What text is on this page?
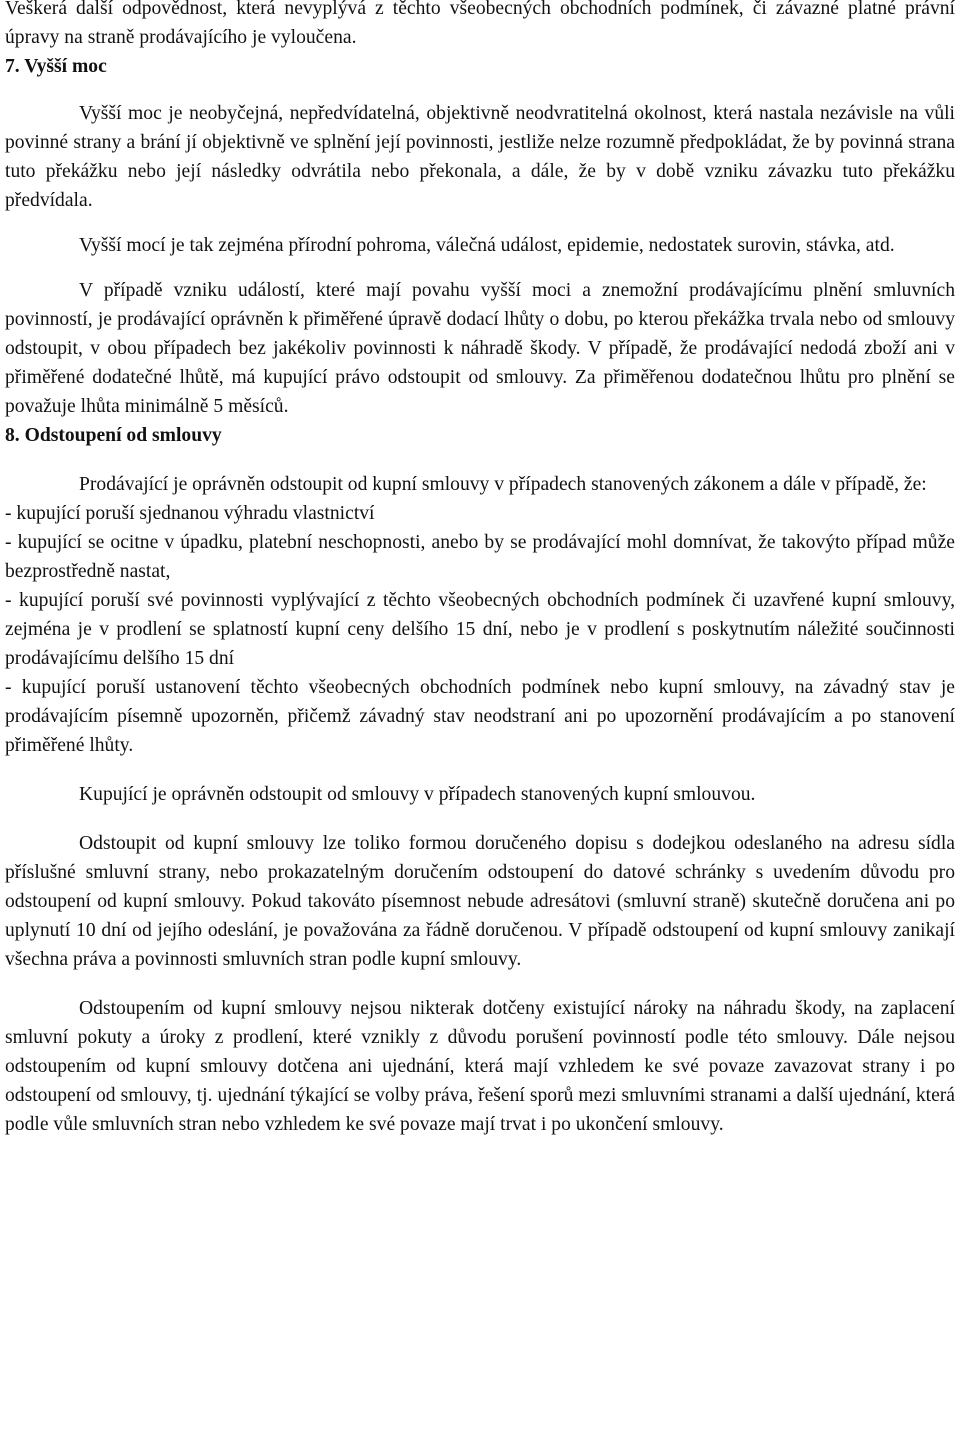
Veškerá další odpovědnost, která nevyplývá z těchto všeobecných obchodních podmínek, či závazné platné právní úpravy na straně prodávajícího je vyloučena.

7. Vyšší moc

Vyšší moc je neobyčejná, nepředvídatelná, objektivně neodvratitelná okolnost, která nastala nezávisle na vůli povinné strany a brání jí objektivně ve splnění její povinnosti, jestliže nelze rozumně předpokládat, že by povinná strana tuto překážku nebo její následky odvrátila nebo překonala, a dále, že by v době vzniku závazku tuto překážku předvídala.

Vyšší mocí je tak zejména přírodní pohroma, válečná událost, epidemie, nedostatek surovin, stávka, atd.

V případě vzniku událostí, které mají povahu vyšší moci a znemožní prodávajícímu plnění smluvních povinností, je prodávající oprávněn k přiměřené úpravě dodací lhůty o dobu, po kterou překážka trvala nebo od smlouvy odstoupit, v obou případech bez jakékoliv povinnosti k náhradě škody. V případě, že prodávající nedodá zboží ani v přiměřené dodatečné lhůtě, má kupující právo odstoupit od smlouvy. Za přiměřenou dodatečnou lhůtu pro plnění se považuje lhůta minimálně 5 měsíců.

8. Odstoupení od smlouvy

Prodávající je oprávněn odstoupit od kupní smlouvy v případech stanovených zákonem a dále v případě, že:

- kupující poruší sjednanou výhradu vlastnictví

- kupující se ocitne v úpadku, platební neschopnosti, anebo by se prodávající mohl domnívat, že takovýto případ může bezprostředně nastat,

- kupující poruší své povinnosti vyplývající z těchto všeobecných obchodních podmínek či uzavřené kupní smlouvy, zejména je v prodlení se splatností kupní ceny delšího 15 dní, nebo je v prodlení s poskytnutím náležité součinnosti prodávajícímu delšího 15 dní

- kupující poruší ustanovení těchto všeobecných obchodních podmínek nebo kupní smlouvy, na závadný stav je prodávajícím písemně upozorněn, přičemž závadný stav neodstraní ani po upozornění prodávajícím a po stanovení přiměřené lhůty.

Kupující je oprávněn odstoupit od smlouvy v případech stanovených kupní smlouvou.

Odstoupit od kupní smlouvy lze toliko formou doručeného dopisu s dodejkou odeslaného na adresu sídla příslušné smluvní strany, nebo prokazatelným doručením odstoupení do datové schránky s uvedením důvodu pro odstoupení od kupní smlouvy. Pokud takováto písemnost nebude adresátovi (smluvní straně) skutečně doručena ani po uplynutí 10 dní od jejího odeslání, je považována za řádně doručenou. V případě odstoupení od kupní smlouvy zanikají všechna práva a povinnosti smluvních stran podle kupní smlouvy.

Odstoupením od kupní smlouvy nejsou nikterak dotčeny existující nároky na náhradu škody, na zaplacení smluvní pokuty a úroky z prodlení, které vznikly z důvodu porušení povinností podle této smlouvy. Dále nejsou odstoupením od kupní smlouvy dotčena ani ujednání, která mají vzhledem ke své povaze zavazovat strany i po odstoupení od smlouvy, tj. ujednání týkající se volby práva, řešení sporů mezi smluvními stranami a další ujednání, která podle vůle smluvních stran nebo vzhledem ke své povaze mají trvat i po ukončení smlouvy.
